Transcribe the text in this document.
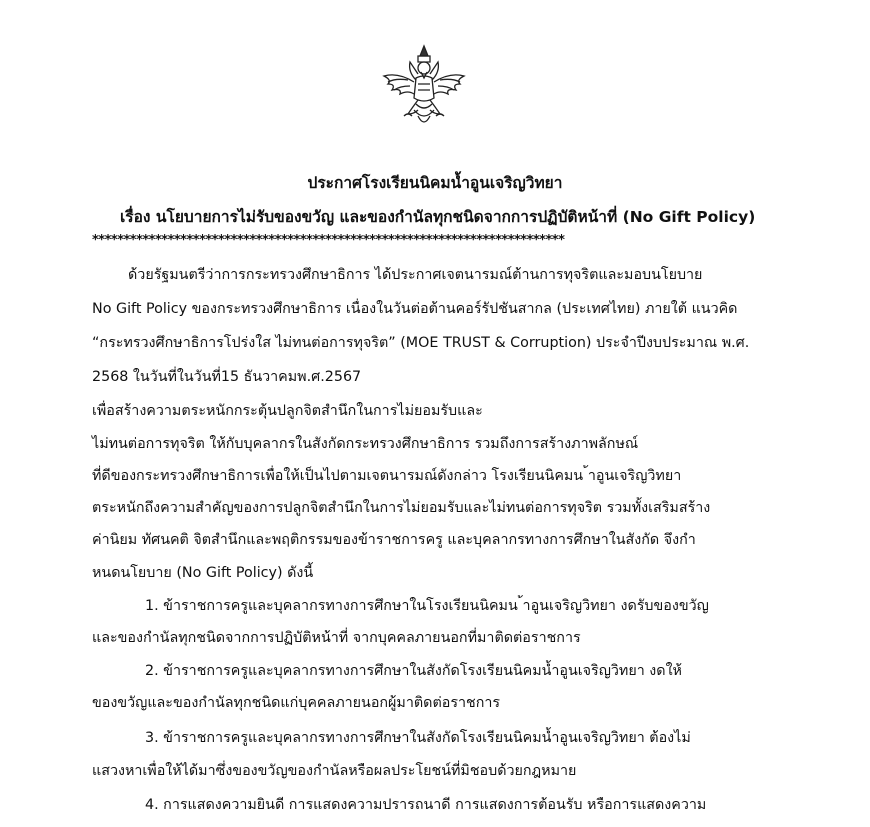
ประกาศโรงเรียนนิคมน้ำอูนเจริญวิทยา
เรื่อง นโยบายการไม่รับของขวัญ และของกำนัลทุกชนิดจากการปฏิบัติหน้าที่ (No Gift Policy)
***************************************************************************
ด้วยรัฐมนตรีว่าการกระทรวงศึกษาธิการ ได้ประกาศเจตนารมณ์ต้านการทุจริตและมอบนโยบาย
No Gift Policy ของกระทรวงศึกษาธิการ เนื่องในวันต่อต้านคอร์รัปชันสากล (ประเทศไทย) ภายใต้ แนวคิด
“กระทรวงศึกษาธิการโปร่งใส ไม่ทนต่อการทุจริต” (MOE TRUST & Corruption) ประจำปีงบประมาณ พ.ศ.
2568 ในวันที่ในวันที่15 ธันวาคมพ.ศ.2567
เพื่อสร้างความตระหนักกระตุ้นปลูกจิตสำนึกในการไม่ยอมรับและ
ไม่ทนต่อการทุจริต ให้กับบุคลากรในสังกัดกระทรวงศึกษาธิการ รวมถึงการสร้างภาพลักษณ์
ที่ดีของกระทรวงศึกษาธิการเพื่อให้เป็นไปตามเจตนารมณ์ดังกล่าว โรงเรียนนิคมน ้าอูนเจริญวิทยา
ตระหนักถึงความสำคัญของการปลูกจิตสำนึกในการไม่ยอมรับและไม่ทนต่อการทุจริต รวมทั้งเสริมสร้าง
ค่านิยม ทัศนคติ จิตสำนึกและพฤติกรรมของข้าราชการครู และบุคลากรทางการศึกษาในสังกัด จึงกำ
หนดนโยบาย (No Gift Policy) ดังนี้
1. ข้าราชการครูและบุคลากรทางการศึกษาในโรงเรียนนิคมน ้าอูนเจริญวิทยา งดรับของขวัญ
และของกำนัลทุกชนิดจากการปฏิบัติหน้าที่ จากบุคคลภายนอกที่มาติดต่อราชการ
2. ข้าราชการครูและบุคลากรทางการศึกษาในสังกัดโรงเรียนนิคมน้ำอูนเจริญวิทยา งดให้
ของขวัญและของกำนัลทุกชนิดแก่บุคคลภายนอกผู้มาติดต่อราชการ
3. ข้าราชการครูและบุคลากรทางการศึกษาในสังกัดโรงเรียนนิคมน้ำอูนเจริญวิทยา ต้องไม่
แสวงหาเพื่อให้ได้มาซึ่งของขวัญของกำนัลหรือผลประโยชน์ที่มิชอบด้วยกฎหมาย
4. การแสดงความยินดี การแสดงความปรารถนาดี การแสดงการต้อนรับ หรือการแสดงความ
